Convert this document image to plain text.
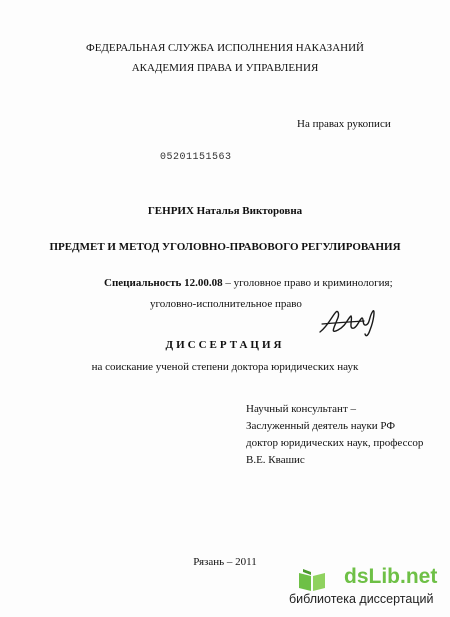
ФЕДЕРАЛЬНАЯ СЛУЖБА ИСПОЛНЕНИЯ НАКАЗАНИЙ
АКАДЕМИЯ ПРАВА И УПРАВЛЕНИЯ
На правах рукописи
05201151563
ГЕНРИХ Наталья Викторовна
ПРЕДМЕТ И МЕТОД УГОЛОВНО-ПРАВОВОГО РЕГУЛИРОВАНИЯ
Специальность 12.00.08 – уголовное право и криминология;
уголовно-исполнительное право
ДИССЕРТАЦИЯ
на соискание ученой степени доктора юридических наук
Научный консультант –
Заслуженный деятель науки РФ
доктор юридических наук, профессор
В.Е. Квашис
Рязань – 2011
dsLib.net
библиотека диссертаций
